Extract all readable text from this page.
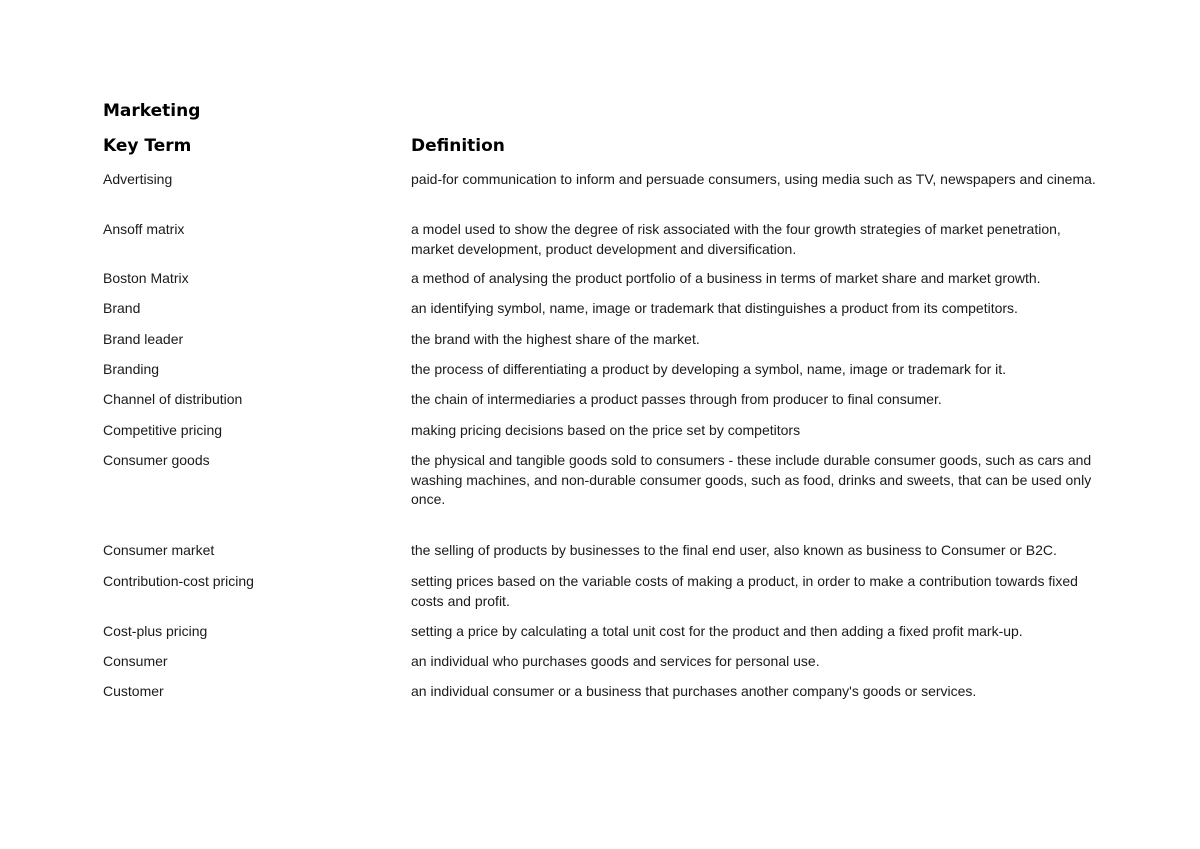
Marketing
Key Term	Definition
Advertising	paid-for communication to inform and persuade consumers, using media such as TV, newspapers and cinema.
Ansoff matrix	a model used to show the degree of risk associated with the four growth strategies of market penetration, market development, product development and diversification.
Boston Matrix	a method of analysing the product portfolio of a business in terms of market share and market growth.
Brand	an identifying symbol, name, image or trademark that distinguishes a product from its competitors.
Brand leader	the brand with the highest share of the market.
Branding	the process of differentiating a product by developing a symbol, name, image or trademark for it.
Channel of distribution	the chain of intermediaries a product passes through from producer to final consumer.
Competitive pricing	making pricing decisions based on the price set by competitors
Consumer goods	the physical and tangible goods sold to consumers - these include durable consumer goods, such as cars and washing machines, and non-durable consumer goods, such as food, drinks and sweets, that can be used only once.
Consumer market	the selling of products by businesses to the final end user, also known as business to Consumer or B2C.
Contribution-cost pricing	setting prices based on the variable costs of making a product, in order to make a contribution towards fixed costs and profit.
Cost-plus pricing	setting a price by calculating a total unit cost for the product and then adding a fixed profit mark-up.
Consumer	an individual who purchases goods and services for personal use.
Customer	an individual consumer or a business that purchases another company's goods or services.
